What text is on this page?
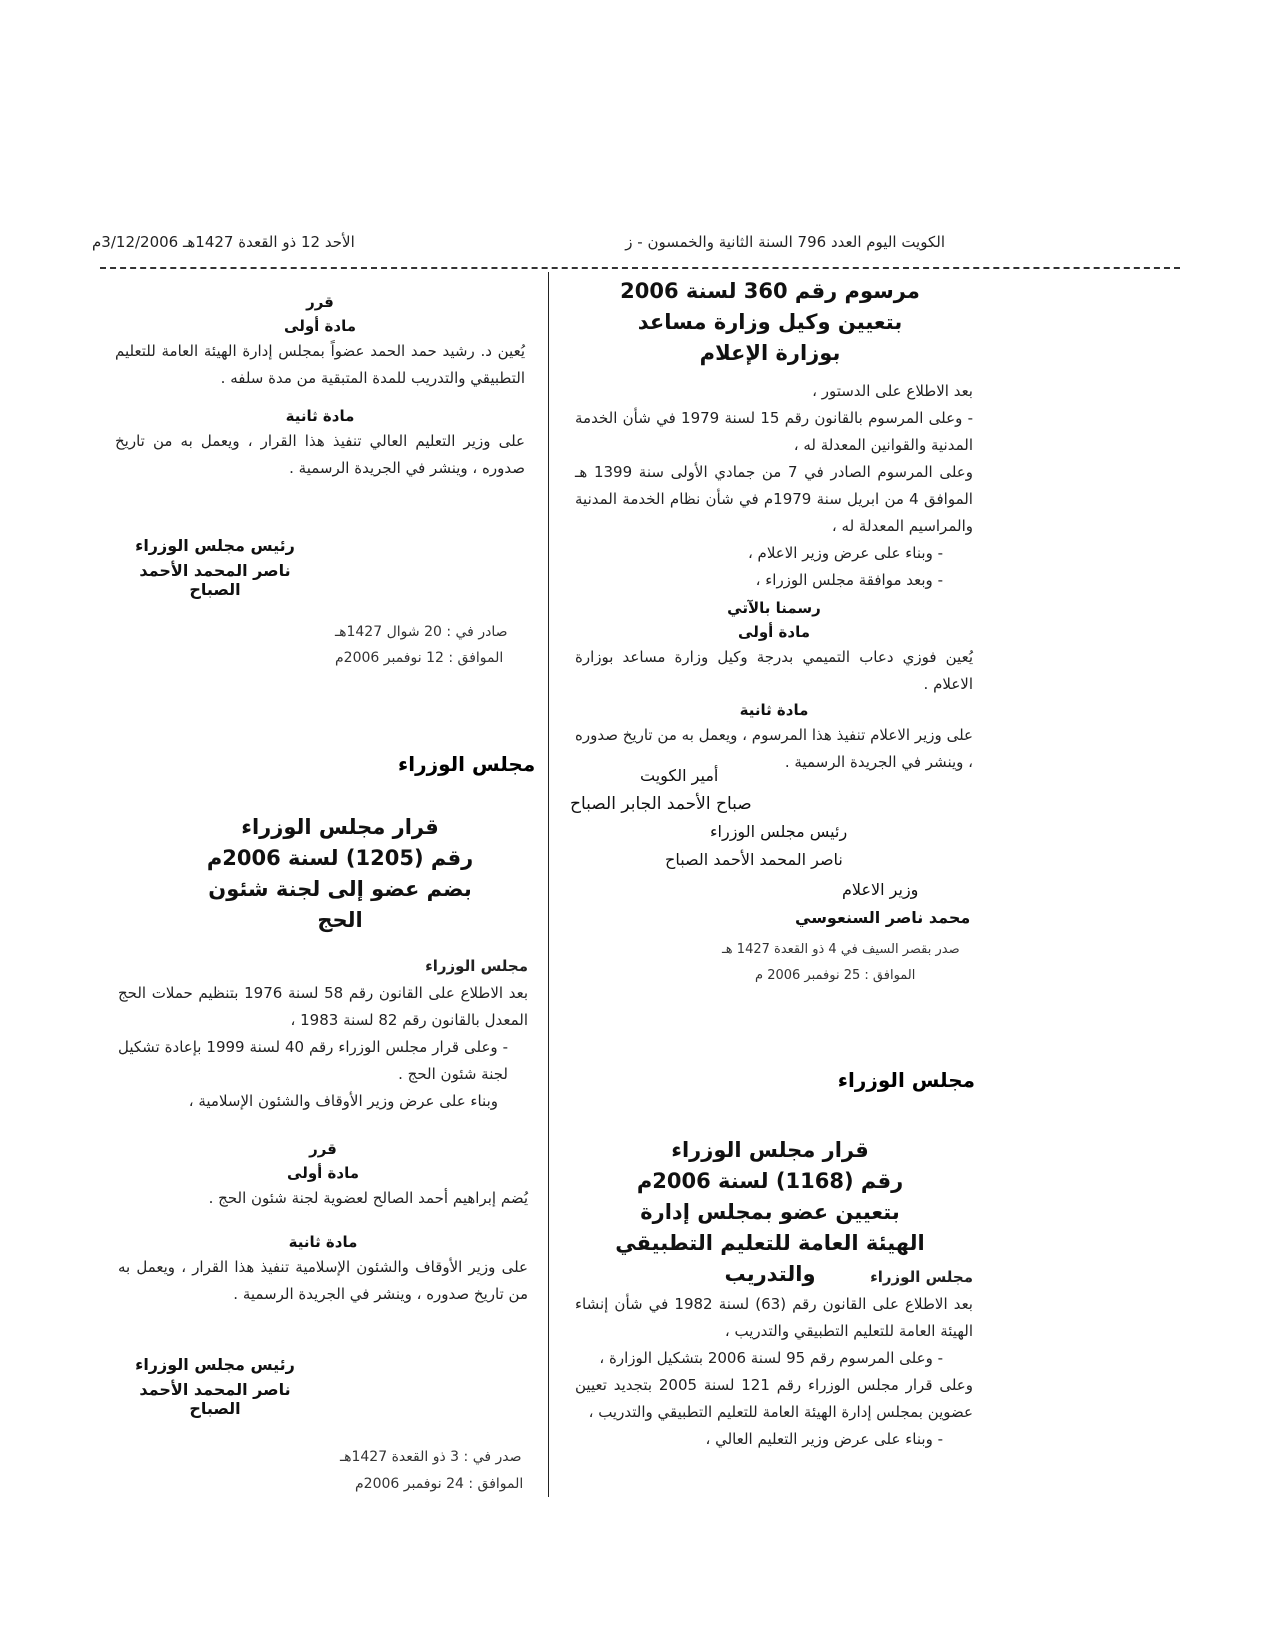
الكويت اليوم العدد 796 السنة الثانية والخمسون - ز
الأحد 12 ذو القعدة 1427هـ 3/12/2006م

مرسوم رقم 360 لسنة 2006

بتعيين وكيل وزارة مساعد

بوزارة الإعلام

بعد الاطلاع على الدستور ،

- وعلى المرسوم بالقانون رقم 15 لسنة 1979 في شأن الخدمة المدنية والقوانين المعدلة له ،

وعلى المرسوم الصادر في 7 من جمادي الأولى سنة 1399 هـ الموافق 4 من ابريل سنة 1979م في شأن نظام الخدمة المدنية والمراسيم المعدلة له ،

- وبناء على عرض وزير الاعلام ،

- وبعد موافقة مجلس الوزراء ،

رسمنا بالآتي

مادة أولى

يُعين فوزي دعاب التميمي بدرجة وكيل وزارة مساعد بوزارة الاعلام .

مادة ثانية

على وزير الاعلام تنفيذ هذا المرسوم ، ويعمل به من تاريخ صدوره ، وينشر في الجريدة الرسمية .

أمير الكويت
صباح الأحمد الجابر الصباح
رئيس مجلس الوزراء
ناصر المحمد الأحمد الصباح
وزير الاعلام
محمد ناصر السنعوسي
صدر بقصر السيف في 4 ذو القعدة 1427 هـ
الموافق : 25 نوفمبر 2006 م
مجلس الوزراء

قرار مجلس الوزراء

رقم (1168) لسنة 2006م

بتعيين عضو بمجلس إدارة

الهيئة العامة للتعليم التطبيقي والتدريب	مجلس الوزراء

بعد الاطلاع على القانون رقم (63) لسنة 1982 في شأن إنشاء الهيئة العامة للتعليم التطبيقي والتدريب ،

- وعلى المرسوم رقم 95 لسنة 2006 بتشكيل الوزارة ،

وعلى قرار مجلس الوزراء رقم 121 لسنة 2005 بتجديد تعيين عضوين بمجلس إدارة الهيئة العامة للتعليم التطبيقي والتدريب ،

- وبناء على عرض وزير التعليم العالي ،

قرر

مادة أولى

يُعين د. رشيد حمد الحمد عضواً بمجلس إدارة الهيئة العامة للتعليم التطبيقي والتدريب للمدة المتبقية من مدة سلفه .

مادة ثانية

على وزير التعليم العالي تنفيذ هذا القرار ، ويعمل به من تاريخ صدوره ، وينشر في الجريدة الرسمية .

رئيس مجلس الوزراء

ناصر المحمد الأحمد الصباح

صادر في : 20 شوال 1427هـ
الموافق : 12 نوفمبر 2006م
مجلس الوزراء

قرار مجلس الوزراء

رقم (1205) لسنة 2006م

بضم عضو إلى لجنة شئون الحج

مجلس الوزراء

بعد الاطلاع على القانون رقم 58 لسنة 1976 بتنظيم حملات الحج المعدل بالقانون رقم 82 لسنة 1983 ،

- وعلى قرار مجلس الوزراء رقم 40 لسنة 1999 بإعادة تشكيل لجنة شئون الحج .

وبناء على عرض وزير الأوقاف والشئون الإسلامية ،

قرر

مادة أولى

يُضم إبراهيم أحمد الصالح لعضوية لجنة شئون الحج .

مادة ثانية

على وزير الأوقاف والشئون الإسلامية تنفيذ هذا القرار ، ويعمل به من تاريخ صدوره ، وينشر في الجريدة الرسمية .

رئيس مجلس الوزراء

ناصر المحمد الأحمد الصباح

صدر في : 3 ذو القعدة 1427هـ
الموافق : 24 نوفمبر 2006م
